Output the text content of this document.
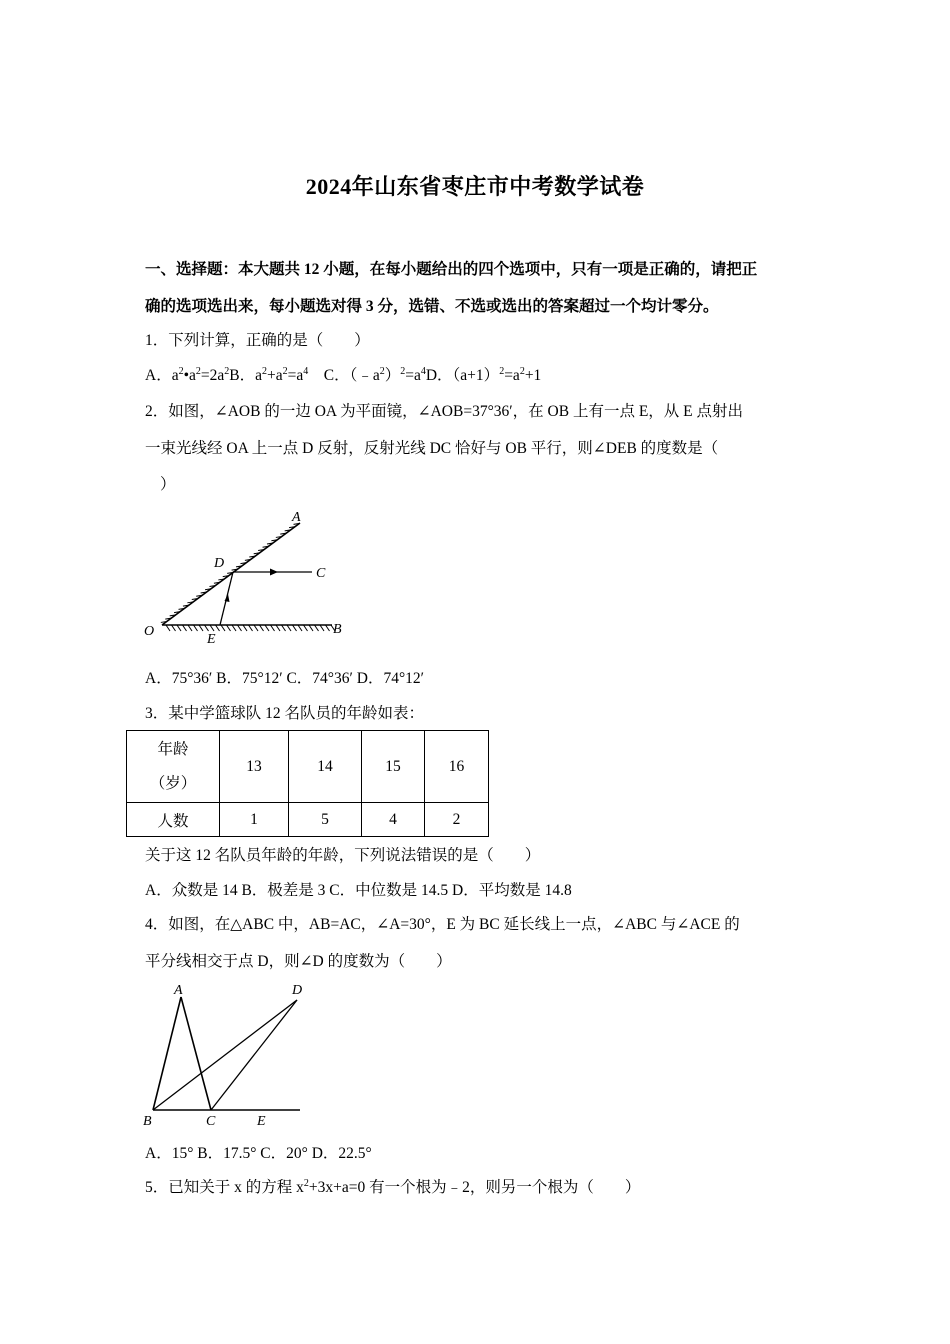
2024年山东省枣庄市中考数学试卷
一、选择题：本大题共 12 小题，在每小题给出的四个选项中，只有一项是正确的，请把正
确的选项选出来，每小题选对得 3 分，选错、不选或选出的答案超过一个均计零分。
1．下列计算，正确的是（　　）
A．$a^2•a^2=2a^2B$．$a^2+a^2=a^4$　 C．$(﹣a^2)^2=a^4D$．$(a+1)^2=a^2+1$
2．如图，∠AOB 的一边 OA 为平面镜，∠AOB=37°36′，在 OB 上有一点 E，从 E 点射出
一束光线经 OA 上一点 D 反射，反射光线 DC 恰好与 OB 平行，则∠DEB 的度数是（
）
A
C
D
O
E
B
A．75°36′ B．75°12′ C．74°36′ D．74°12′
3．某中学篮球队 12 名队员的年龄如表：
年龄
（岁）	13	14	15	16
人数	1	5	4	2
关于这 12 名队员年龄的年龄，下列说法错误的是（　　）
A．众数是 14 B．极差是 3 C．中位数是 14.5 D．平均数是 14.8
4．如图，在△ABC 中，AB=AC，∠A=30°，E 为 BC 延长线上一点，∠ABC 与∠ACE 的
平分线相交于点 D，则∠D 的度数为（　　）
A	D
B	C	E
A．15° B．17.5° C．20° D．22.5°
5．已知关于 x 的方程 $x^2+3x+a=0$ 有一个根为﹣2，则另一个根为（　　）
